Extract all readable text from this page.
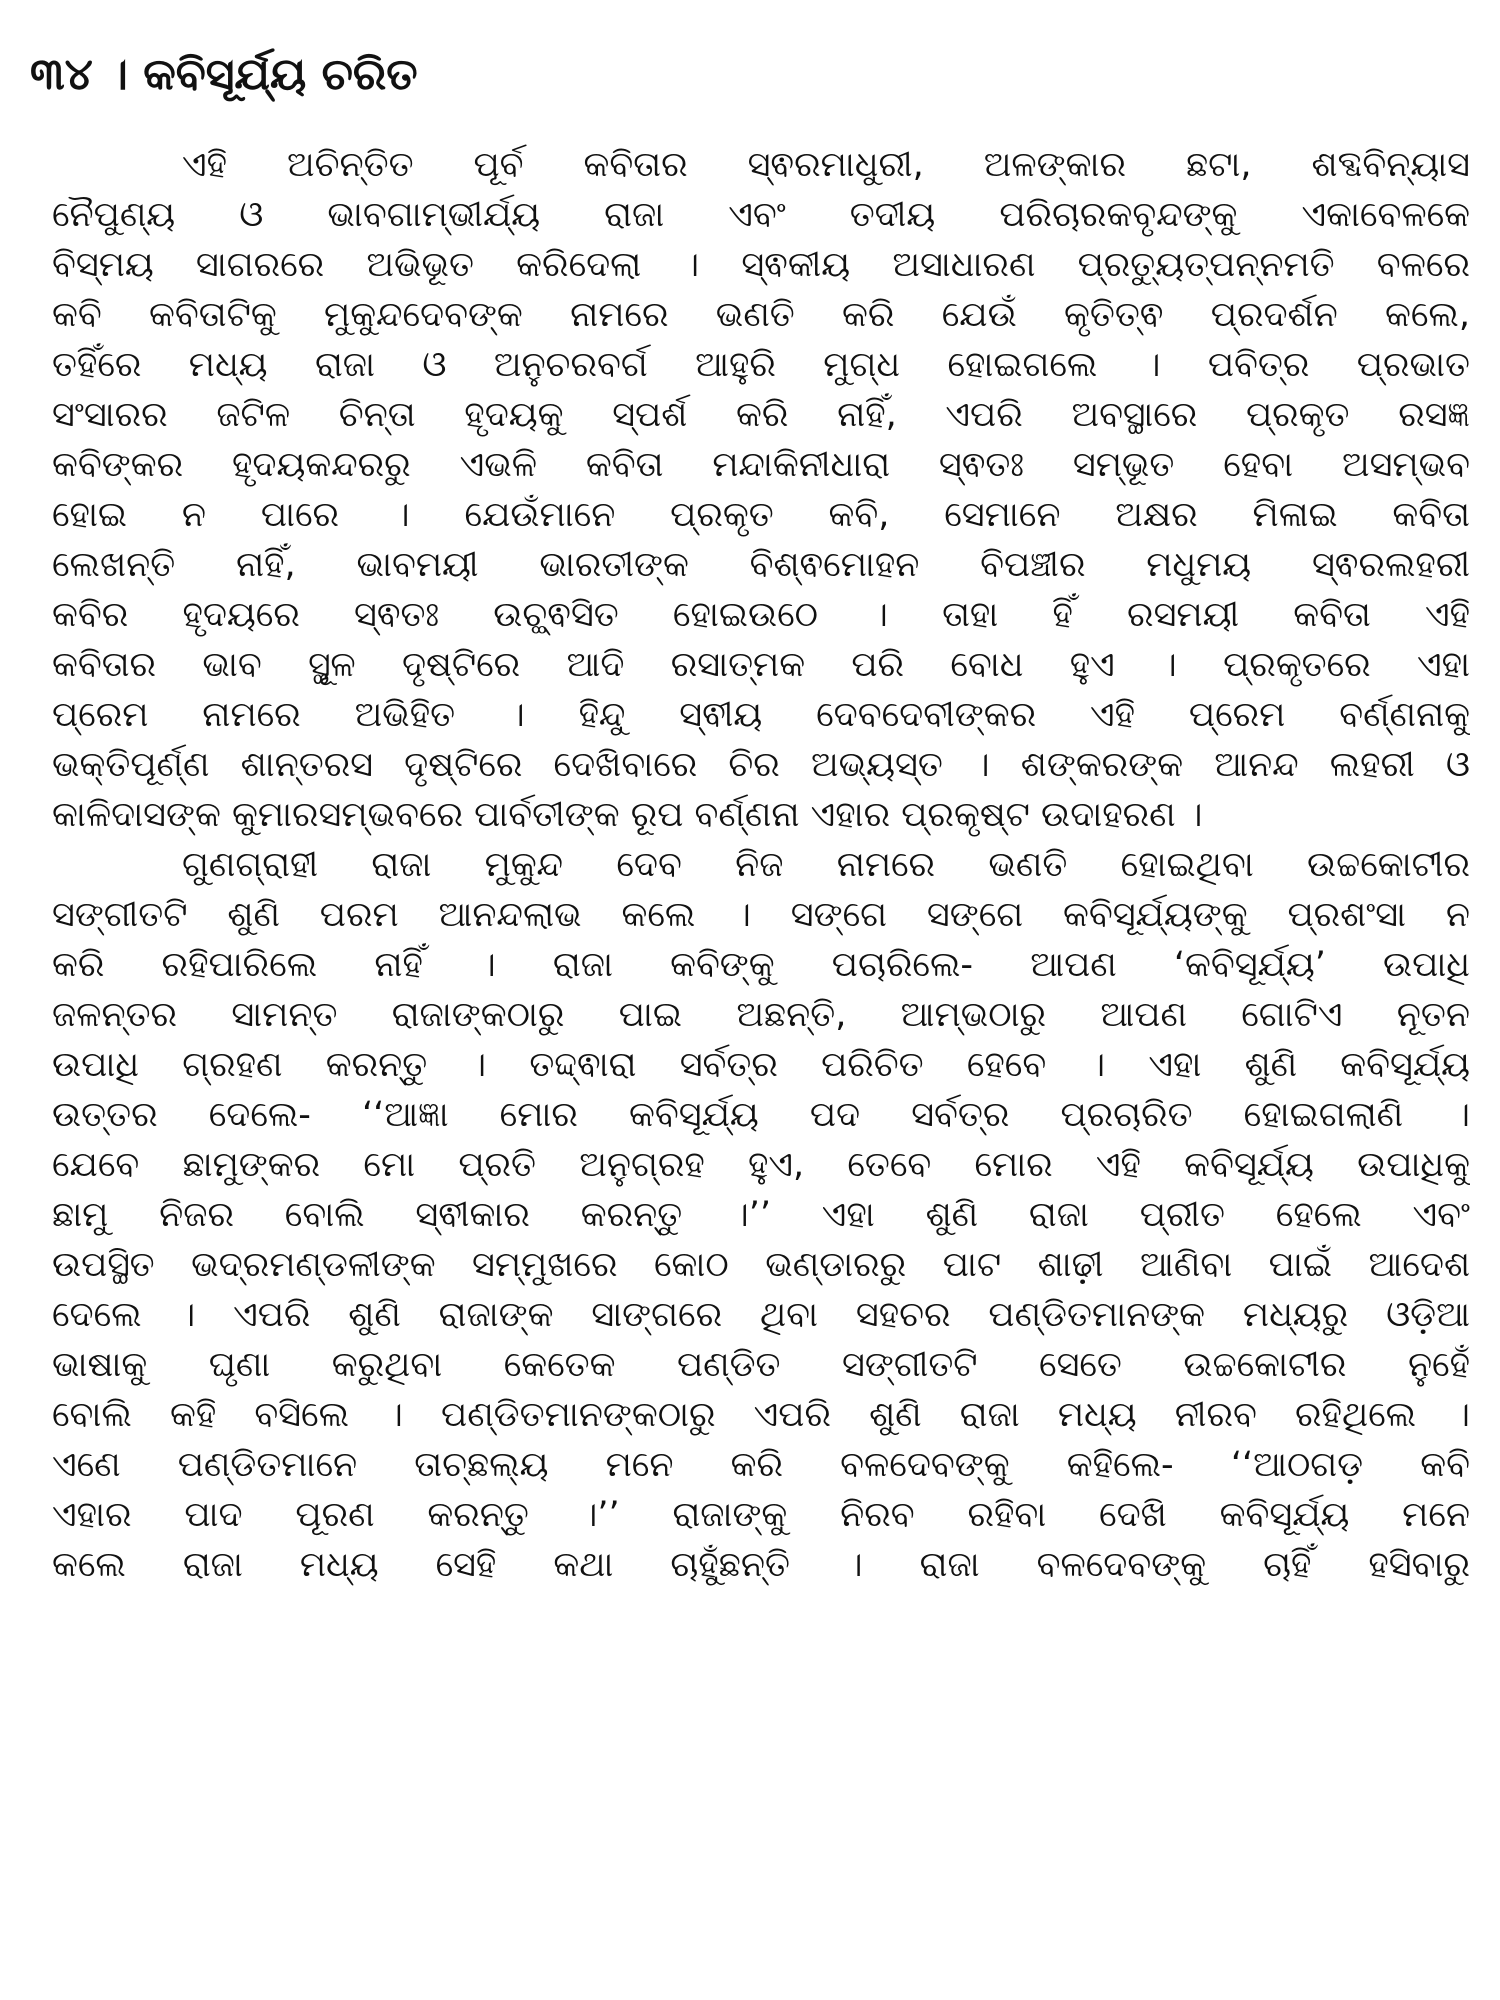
୩୪ । କବିସୂର୍ଯ୍ୟ ଚରିତ
ଏହି ଅଚିନ୍ତିତ ପୂର୍ବ କବିତାର ସ୍ଵରମାଧୁରୀ, ଅଳଙ୍କାର ଛଟା, ଶବ୍ଦବିନ୍ୟାସ
ନୈପୁଣ୍ୟ ଓ ଭାବଗାମ୍ଭୀର୍ଯ୍ୟ ରାଜା ଏବଂ ତଦୀୟ ପରିଚାରକବୃନ୍ଦଙ୍କୁ ଏକାବେଳକେ
ବିସ୍ମୟ ସାଗରରେ ଅଭିଭୂତ କରିଦେଲା । ସ୍ଵକୀୟ ଅସାଧାରଣ ପ୍ରତ୍ୟୁତ୍ପନ୍ନମତି ବଳରେ
କବି କବିତାଟିକୁ ମୁକୁନ୍ଦଦେବଙ୍କ ନାମରେ ଭଣତି କରି ଯେଉଁ କୃତିତ୍ଵ ପ୍ରଦର୍ଶନ କଲେ,
ତହିଁରେ ମଧ୍ୟ ରାଜା ଓ ଅନୁଚରବର୍ଗ ଆହୁରି ମୁଗ୍ଧ ହୋଇଗଲେ । ପବିତ୍ର ପ୍ରଭାତ
ସଂସାରର ଜଟିଳ ଚିନ୍ତା ହୃଦୟକୁ ସ୍ପର୍ଶ କରି ନାହିଁ, ଏପରି ଅବସ୍ଥାରେ ପ୍ରକୃତ ରସଜ୍ଞ
କବିଙ୍କର ହୃଦୟକନ୍ଦରରୁ ଏଭଳି କବିତା ମନ୍ଦାକିନୀଧାରା ସ୍ଵତଃ ସମ୍ଭୂତ ହେବା ଅସମ୍ଭବ
ହୋଇ ନ ପାରେ । ଯେଉଁମାନେ ପ୍ରକୃତ କବି, ସେମାନେ ଅକ୍ଷର ମିଳାଇ କବିତା
ଲେଖନ୍ତି ନାହିଁ, ଭାବମୟୀ ଭାରତୀଙ୍କ ବିଶ୍ଵମୋହନ ବିପଞ୍ଚୀର ମଧୁମୟ ସ୍ଵରଲହରୀ
କବିର ହୃଦୟରେ ସ୍ଵତଃ ଉଚ୍ଛ୍ଵସିତ ହୋଇଉଠେ । ତାହା ହିଁ ରସମୟୀ କବିତା ଏହି
କବିତାର ଭାବ ସ୍ଥୂଳ ଦୃଷ୍ଟିରେ ଆଦି ରସାତ୍ମକ ପରି ବୋଧ ହୁଏ । ପ୍ରକୃତରେ ଏହା
ପ୍ରେମ ନାମରେ ଅଭିହିତ । ହିନ୍ଦୁ ସ୍ଵୀୟ ଦେବଦେବୀଙ୍କର ଏହି ପ୍ରେମ ବର୍ଣ୍ଣନାକୁ
ଭକ୍ତିପୂର୍ଣ୍ଣ ଶାନ୍ତରସ ଦୃଷ୍ଟିରେ ଦେଖିବାରେ ଚିର ଅଭ୍ୟସ୍ତ । ଶଙ୍କରଙ୍କ ଆନନ୍ଦ ଲହରୀ ଓ
କାଳିଦାସଙ୍କ କୁମାରସମ୍ଭବରେ ପାର୍ବତୀଙ୍କ ରୂପ ବର୍ଣ୍ଣନା ଏହାର ପ୍ରକୃଷ୍ଟ ଉଦାହରଣ ।
ଗୁଣଗ୍ରାହୀ ରାଜା ମୁକୁନ୍ଦ ଦେବ ନିଜ ନାମରେ ଭଣତି ହୋଇଥିବା ଉଚ୍ଚକୋଟୀର
ସଙ୍ଗୀତଟି ଶୁଣି ପରମ ଆନନ୍ଦଲାଭ କଲେ । ସଙ୍ଗେ ସଙ୍ଗେ କବିସୂର୍ଯ୍ୟଙ୍କୁ ପ୍ରଶଂସା ନ
କରି ରହିପାରିଲେ ନାହିଁ । ରାଜା କବିଙ୍କୁ ପଚାରିଲେ- ଆପଣ ‘କବିସୂର୍ଯ୍ୟ’ ଉପାଧି
ଜଳନ୍ତର ସାମନ୍ତ ରାଜାଙ୍କଠାରୁ ପାଇ ଅଛନ୍ତି, ଆମ୍ଭଠାରୁ ଆପଣ ଗୋଟିଏ ନୂତନ
ଉପାଧି ଗ୍ରହଣ କରନ୍ତୁ । ତଦ୍ଦ୍ଵାରା ସର୍ବତ୍ର ପରିଚିତ ହେବେ । ଏହା ଶୁଣି କବିସୂର୍ଯ୍ୟ
ଉତ୍ତର ଦେଲେ- ‘‘ଆଜ୍ଞା ମୋର କବିସୂର୍ଯ୍ୟ ପଦ ସର୍ବତ୍ର ପ୍ରଚାରିତ ହୋଇଗଲାଣି ।
ଯେବେ ଛାମୁଙ୍କର ମୋ ପ୍ରତି ଅନୁଗ୍ରହ ହୁଏ, ତେବେ ମୋର ଏହି କବିସୂର୍ଯ୍ୟ ଉପାଧିକୁ
ଛାମୁ ନିଜର ବୋଲି ସ୍ଵୀକାର କରନ୍ତୁ ।’’ ଏହା ଶୁଣି ରାଜା ପ୍ରୀତ ହେଲେ ଏବଂ
ଉପସ୍ଥିତ ଭଦ୍ରମଣ୍ଡଳୀଙ୍କ ସମ୍ମୁଖରେ କୋଠ ଭଣ୍ଡାରରୁ ପାଟ ଶାଢ଼ୀ ଆଣିବା ପାଇଁ ଆଦେଶ
ଦେଲେ । ଏପରି ଶୁଣି ରାଜାଙ୍କ ସାଙ୍ଗରେ ଥିବା ସହଚର ପଣ୍ଡିତମାନଙ୍କ ମଧ୍ୟରୁ ଓଡ଼ିଆ
ଭାଷାକୁ ଘୃଣା କରୁଥିବା କେତେକ ପଣ୍ଡିତ ସଙ୍ଗୀତଟି ସେତେ ଉଚ୍ଚକୋଟୀର ନୁହେଁ
ବୋଲି କହି ବସିଲେ । ପଣ୍ଡିତମାନଙ୍କଠାରୁ ଏପରି ଶୁଣି ରାଜା ମଧ୍ୟ ନୀରବ ରହିଥିଲେ ।
ଏଣେ ପଣ୍ଡିତମାନେ ତାଚ୍ଛଲ୍ୟ ମନେ କରି ବଳଦେବଙ୍କୁ କହିଲେ- ‘‘ଆଠଗଡ଼ କବି
ଏହାର ପାଦ ପୂରଣ କରନ୍ତୁ ।’’ ରାଜାଙ୍କୁ ନିରବ ରହିବା ଦେଖି କବିସୂର୍ଯ୍ୟ ମନେ
କଲେ ରାଜା ମଧ୍ୟ ସେହି କଥା ଚାହୁଁଛନ୍ତି । ରାଜା ବଳଦେବଙ୍କୁ ଚାହିଁ ହସିବାରୁ
